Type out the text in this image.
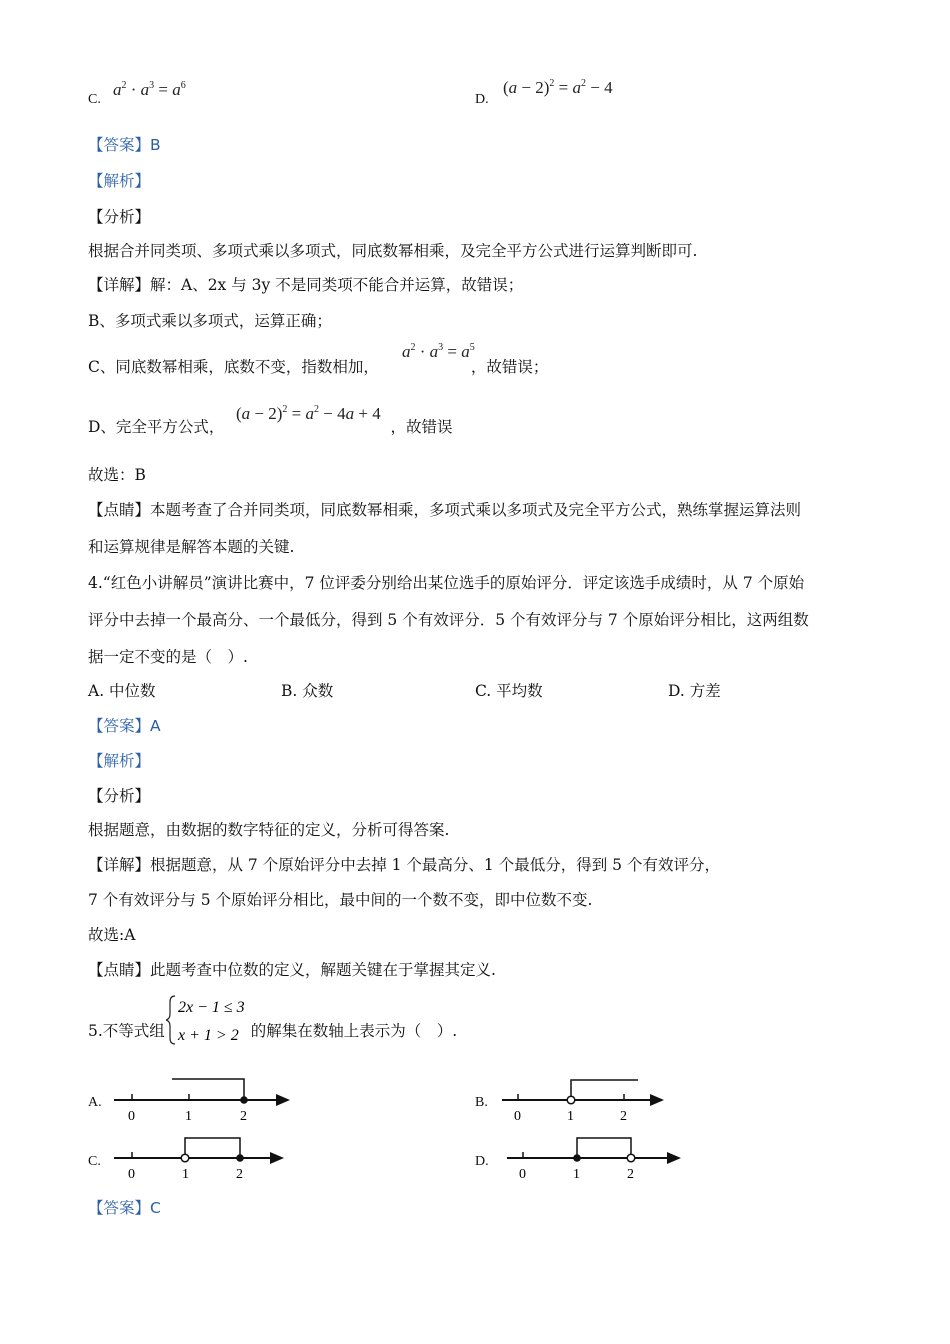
C.
$a^2 \cdot a^3 = a^6$
D.
$(a - 2)^2 = a^2 - 4$
【答案】B
【解析】
【分析】
根据合并同类项、多项式乘以多项式，同底数幂相乘，及完全平方公式进行运算判断即可.
【详解】解：A、2x 与 3y 不是同类项不能合并运算，故错误；
B、多项式乘以多项式，运算正确；
C、同底数幂相乘，底数不变，指数相加，	，故错误；
$a^2 \cdot a^3 = a^5$
D、完全平方公式，	，故错误
$(a - 2)^2 = a^2 - 4a + 4$
故选：B
【点睛】本题考查了合并同类项，同底数幂相乘，多项式乘以多项式及完全平方公式，熟练掌握运算法则
和运算规律是解答本题的关键.
4.“红色小讲解员”演讲比赛中，7 位评委分别给出某位选手的原始评分．评定该选手成绩时，从 7 个原始
评分中去掉一个最高分、一个最低分，得到 5 个有效评分．5 个有效评分与 7 个原始评分相比，这两组数
据一定不变的是（　）.
A. 中位数	B. 众数	C. 平均数	D. 方差
【答案】A
【解析】
【分析】
根据题意，由数据的数字特征的定义，分析可得答案.
【详解】根据题意，从 7 个原始评分中去掉 1 个最高分、1 个最低分，得到 5 个有效评分，
7 个有效评分与 5 个原始评分相比，最中间的一个数不变，即中位数不变.
故选:A
【点睛】此题考查中位数的定义，解题关键在于掌握其定义.
5.不等式组	的解集在数轴上表示为（　）.
2x − 1 ≤ 3
x + 1 > 2
A.
0	1	2
B.
0	1	2
C.
0	1	2
D.
0	1	2
【答案】C
